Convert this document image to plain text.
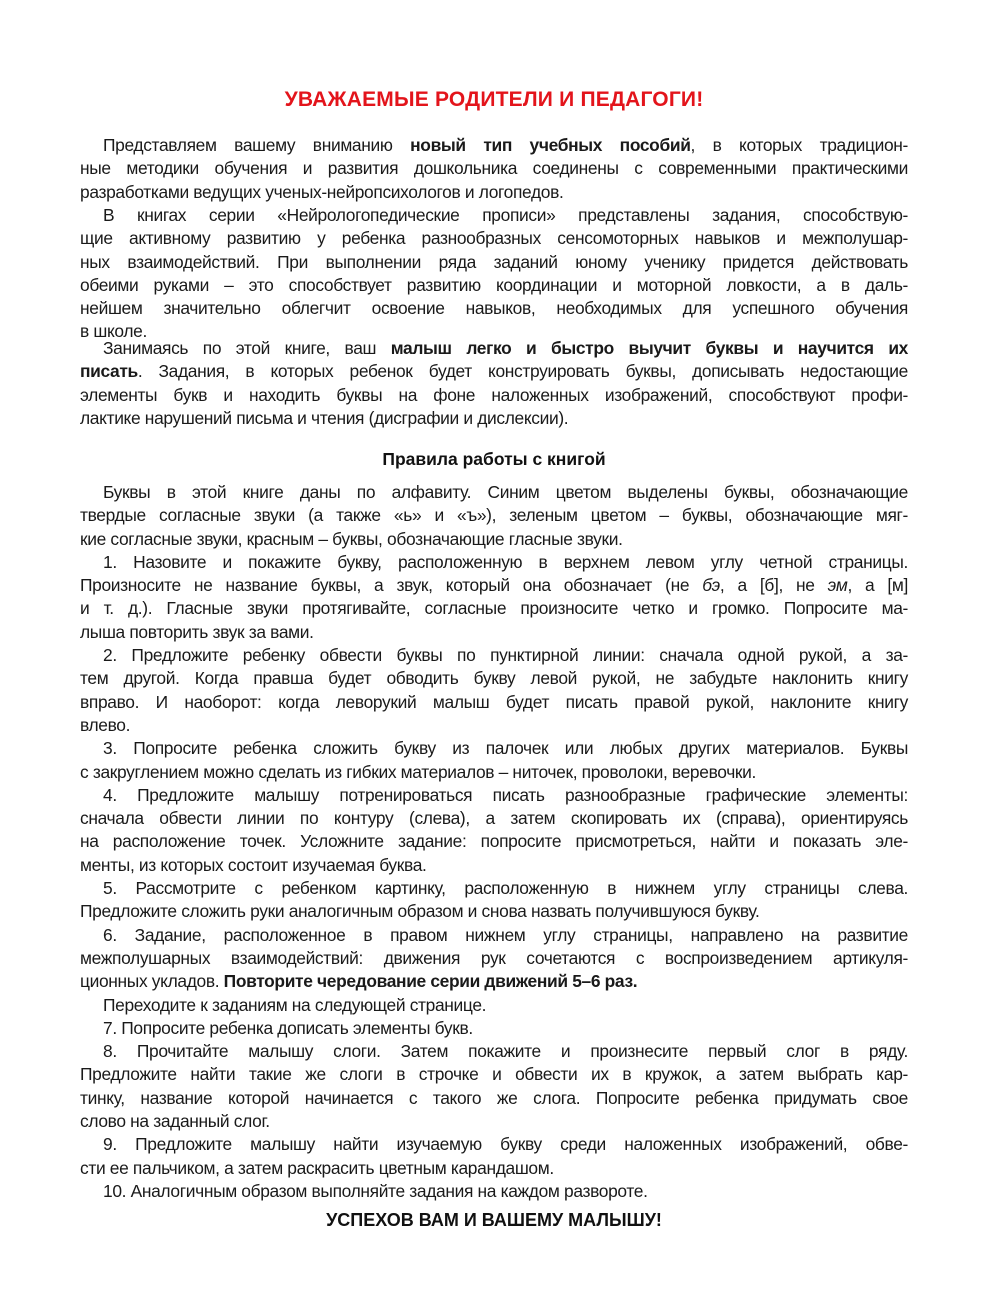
УВАЖАЕМЫЕ РОДИТЕЛИ И ПЕДАГОГИ!
Представляем вашему вниманию новый тип учебных пособий, в которых традицион-
ные методики обучения и развития дошкольника соединены с современными практическими
разработками ведущих ученых-нейропсихологов и логопедов.
В книгах серии «Нейрологопедические прописи» представлены задания, способствую-
щие активному развитию у ребенка разнообразных сенсомоторных навыков и межполушар-
ных взаимодействий. При выполнении ряда заданий юному ученику придется действовать
обеими руками – это способствует развитию координации и моторной ловкости, а в даль-
нейшем значительно облегчит освоение навыков, необходимых для успешного обучения
в школе.
Занимаясь по этой книге, ваш малыш легко и быстро выучит буквы и научится их
писать. Задания, в которых ребенок будет конструировать буквы, дописывать недостающие
элементы букв и находить буквы на фоне наложенных изображений, способствуют профи-
лактике нарушений письма и чтения (дисграфии и дислексии).
Правила работы с книгой
Буквы в этой книге даны по алфавиту. Синим цветом выделены буквы, обозначающие
твердые согласные звуки (а также «ь» и «ъ»), зеленым цветом – буквы, обозначающие мяг-
кие согласные звуки, красным – буквы, обозначающие гласные звуки.
1. Назовите и покажите букву, расположенную в верхнем левом углу четной страницы.
Произносите не название буквы, а звук, который она обозначает (не бэ, а [б], не эм, а [м]
и т. д.). Гласные звуки протягивайте, согласные произносите четко и громко. Попросите ма-
лыша повторить звук за вами.
2. Предложите ребенку обвести буквы по пунктирной линии: сначала одной рукой, а за-
тем другой. Когда правша будет обводить букву левой рукой, не забудьте наклонить книгу
вправо. И наоборот: когда леворукий малыш будет писать правой рукой, наклоните книгу
влево.
3. Попросите ребенка сложить букву из палочек или любых других материалов. Буквы
с закруглением можно сделать из гибких материалов – ниточек, проволоки, веревочки.
4. Предложите малышу потренироваться писать разнообразные графические элементы:
сначала обвести линии по контуру (слева), а затем скопировать их (справа), ориентируясь
на расположение точек. Усложните задание: попросите присмотреться, найти и показать эле-
менты, из которых состоит изучаемая буква.
5. Рассмотрите с ребенком картинку, расположенную в нижнем углу страницы слева.
Предложите сложить руки аналогичным образом и снова назвать получившуюся букву.
6. Задание, расположенное в правом нижнем углу страницы, направлено на развитие
межполушарных взаимодействий: движения рук сочетаются с воспроизведением артикуля-
ционных укладов. Повторите чередование серии движений 5–6 раз.
Переходите к заданиям на следующей странице.
7. Попросите ребенка дописать элементы букв.
8. Прочитайте малышу слоги. Затем покажите и произнесите первый слог в ряду.
Предложите найти такие же слоги в строчке и обвести их в кружок, а затем выбрать кар-
тинку, название которой начинается с такого же слога. Попросите ребенка придумать свое
слово на заданный слог.
9. Предложите малышу найти изучаемую букву среди наложенных изображений, обве-
сти ее пальчиком, а затем раскрасить цветным карандашом.
10. Аналогичным образом выполняйте задания на каждом развороте.
УСПЕХОВ ВАМ И ВАШЕМУ МАЛЫШУ!
